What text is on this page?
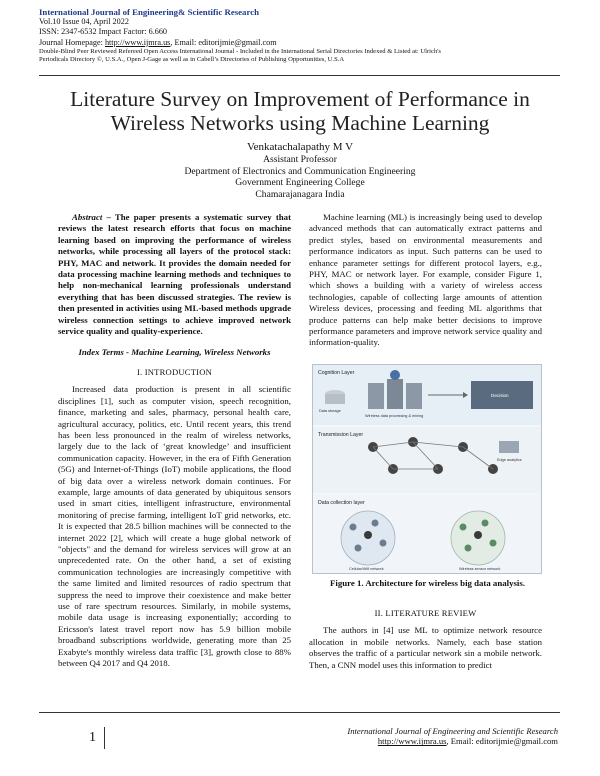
International Journal of Engineering& Scientific Research
Vol.10 Issue 04, April 2022
ISSN: 2347-6532 Impact Factor: 6.660
Journal Homepage: http://www.ijmra.us, Email: editorijmie@gmail.com
Double-Blind Peer Reviewed Refereed Open Access International Journal - Included in the International Serial Directories Indexed & Listed at: Ulrich's
Periodicals Directory ©, U.S.A., Open J-Gage as well as in Cabell’s Directories of Publishing Opportunities, U.S.A
Literature Survey on Improvement of Performance in Wireless Networks using Machine Learning
Venkatachalapathy M V
Assistant Professor
Department of Electronics and Communication Engineering
Government Engineering College
Chamarajanagara India

Abstract – The paper presents a systematic survey that reviews the latest research efforts that focus on machine learning based on improving the performance of wireless networks, while processing all layers of the protocol stack: PHY, MAC and network. It provides the domain needed for data processing machine learning methods and techniques to help non-mechanical learning professionals understand everything that has been discussed strategies. The review is then presented in activities using ML-based methods upgrade wireless connection settings to achieve improved network service quality and quality-experience.

Index Terms - Machine Learning, Wireless Networks
I. INTRODUCTION

Increased data production is present in all scientific disciplines [1], such as computer vision, speech recognition, finance, marketing and sales, pharmacy, personal health care, agricultural accuracy, politics, etc. Until recent years, this trend has been less pronounced in the realm of wireless networks, largely due to the lack of ‘great knowledge’ and insufficient communication capacity. However, in the era of Fifth Generation (5G) and Internet-of-Things (IoT) mobile applications, the flood of big data over a wireless network domain continues. For example, large amounts of data generated by ubiquitous sensors used in smart cities, intelligent infrastructure, environmental monitoring of precise farming, intelligent IoT grid networks, etc. It is expected that 28.5 billion machines will be connected to the internet 2022 [2], which will create a huge global network of "objects" and the demand for wireless services will grow at an unprecedented rate. On the other hand, a set of existing communication technologies are increasingly competitive with the same limited and limited resources of radio spectrum that suppress the need to improve their coexistence and make better use of rare spectrum resources. Similarly, in mobile systems, mobile data usage is increasing exponentially; according to Ericsson's latest travel report now has 5.9 billion mobile broadband subscriptions worldwide, generating more than 25 Exabyte's monthly wireless data traffic [3], growth close to 88% between Q4 2017 and Q4 2018.

Machine learning (ML) is increasingly being used to develop advanced methods that can automatically extract patterns and predict styles, based on environmental measurements and performance indicators as input. Such patterns can be used to enhance parameter settings for different protocol layers, e.g., PHY, MAC or network layer. For example, consider Figure 1, which shows a building with a variety of wireless access technologies, capable of collecting large amounts of attention Wireless devices, processing and feeding ML algorithms that produce patterns can help make better decisions to improve performance parameters and improve network service quality and information-quality.

Cognition Layer
Data storage
Wireless data processing & mining
Decision
Transmission Layer
Edge analytics
Data collection layer
Cellular/Wifi network	Wireless sensor network
Figure 1. Architecture for wireless big data analysis.
II. LITERATURE REVIEW

The authors in [4] use ML to optimize network resource allocation in mobile networks. Namely, each base station observes the traffic of a particular network sin a mobile network. Then, a CNN model uses this information to predict

1	International Journal of Engineering and Scientific Research
http://www.ijmra.us, Email: editorijmie@gmail.com
